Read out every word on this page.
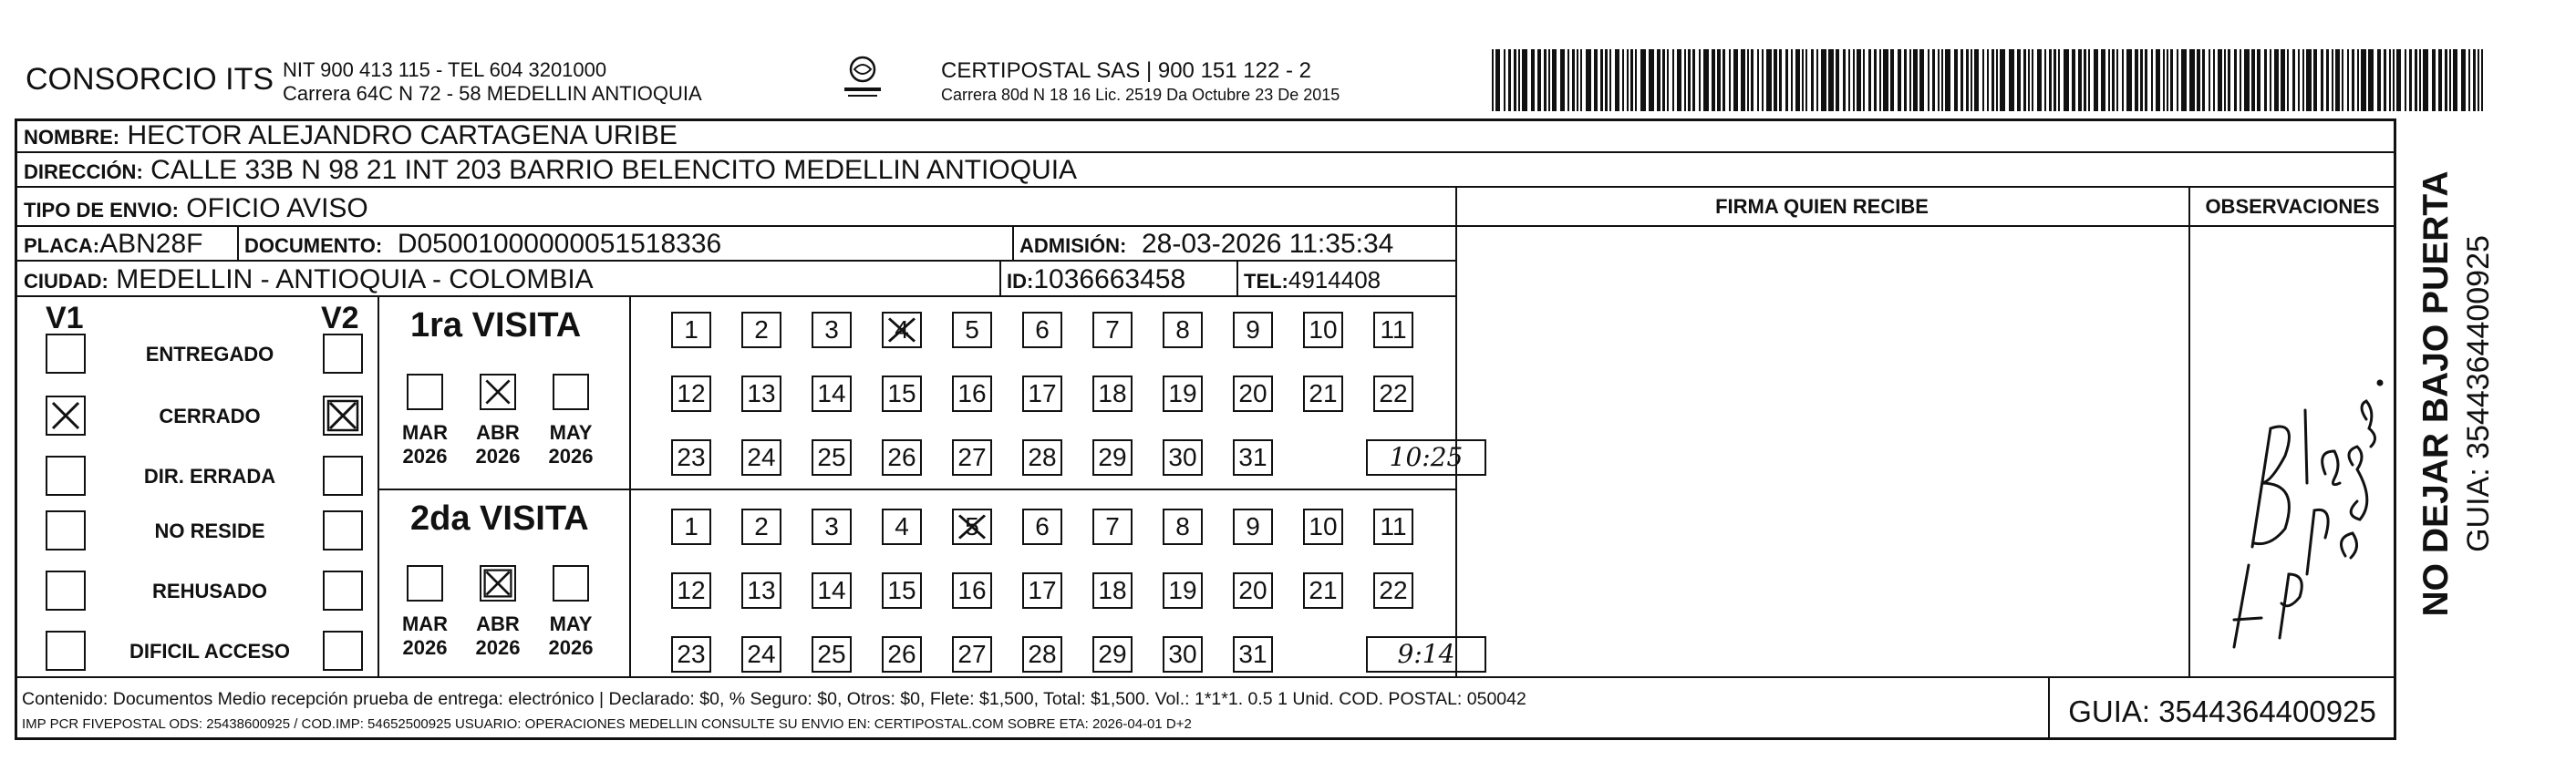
CONSORCIO ITS NIT 900 413 115 - TEL 604 3201000
Carrera 64C N 72 - 58 MEDELLIN ANTIOQUIA
CERTIPOSTAL SAS | 900 151 122 - 2
Carrera 80d N 18 16 Lic. 2519 Da Octubre 23 De 2015
NOMBRE: HECTOR ALEJANDRO CARTAGENA URIBE
DIRECCIÓN: CALLE 33B N 98 21 INT 203 BARRIO BELENCITO MEDELLIN ANTIOQUIA
TIPO DE ENVIO: OFICIO AVISO	FIRMA QUIEN RECIBE	OBSERVACIONES
PLACA:ABN28F DOCUMENTO: D05001000000051518336	ADMISIÓN: 28-03-2026 11:35:34
CIUDAD: MEDELLIN - ANTIOQUIA - COLOMBIA	ID:1036663458	TEL:4914408
V1	V2
ENTREGADO
CERRADO
DIR. ERRADA
NO RESIDE
REHUSADO
DIFICIL ACCESO
1ra VISITA
2da VISITA
MAR
2026
ABR
2026
MAY
2026
MAR
2026
ABR
2026
MAY
2026
1	2	3	4	5	6	7	8	9	10 11
12 13 14 15 16 17 18 19 20 21 22
23 24 25 26 27 28 29 30 31	10:25
1	2	3	4	5	6	7	8	9	10 11
12 13 14 15 16 17 18 19 20 21 22
23 24 25 26 27 28 29 30 31	9:14
Contenido: Documentos Medio recepción prueba de entrega: electrónico | Declarado: $0, % Seguro: $0, Otros: $0, Flete: $1,500, Total: $1,500. Vol.: 1*1*1. 0.5 1 Unid. COD. POSTAL: 050042
IMP PCR FIVEPOSTAL ODS: 25438600925 / COD.IMP: 54652500925 USUARIO: OPERACIONES MEDELLIN CONSULTE SU ENVIO EN: CERTIPOSTAL.COM SOBRE ETA: 2026-04-01 D+2	GUIA: 3544364400925
NO DEJAR BAJO PUERTA GUIA: 3544364400925
